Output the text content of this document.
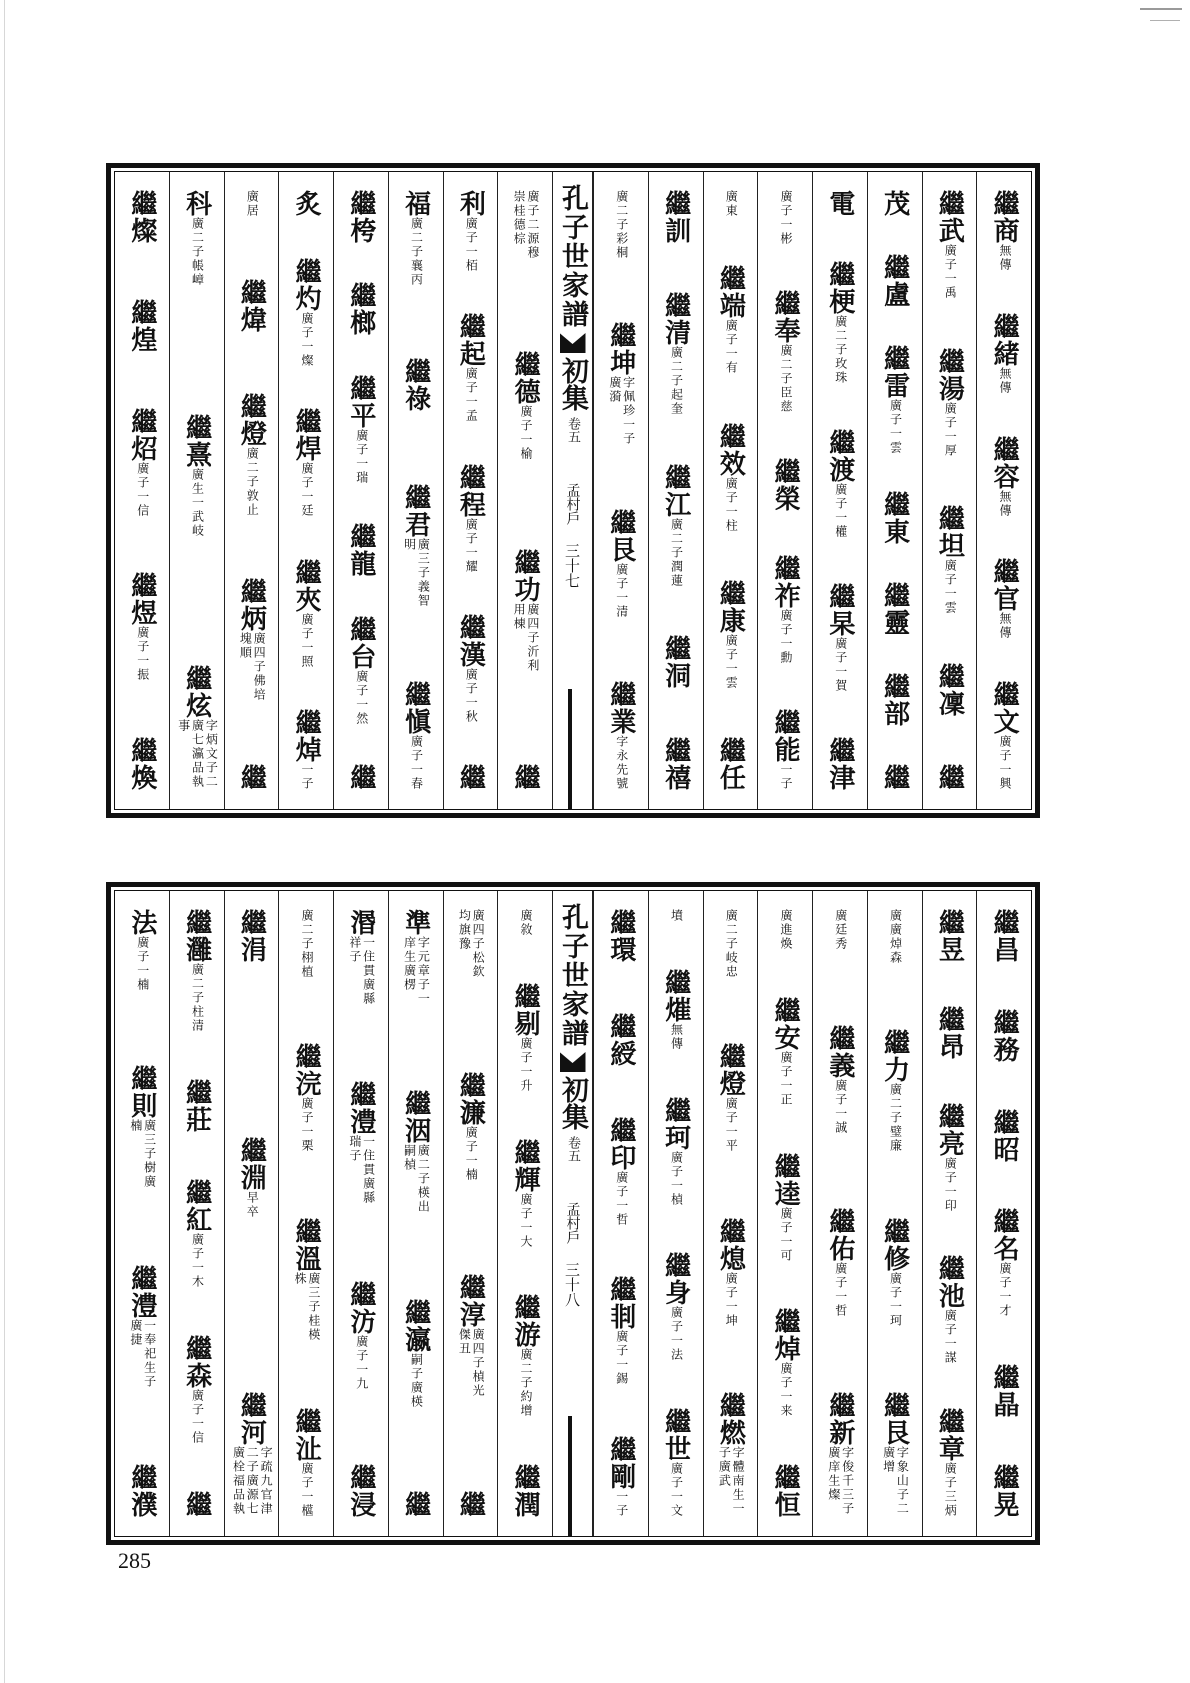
繼商
無傳
繼緒
無傳
繼容
無傳
繼官
無傳
繼文
廣子一興
繼武
廣子一禹
繼湯
廣子一厚
繼坦
廣子一雲
繼凜
繼
茂
繼盧
繼雷
廣子一雲
繼東
繼靈
繼部
繼
電
繼梗
廣二子玫珠
繼渡
廣子一權
繼杲
廣子一賀
繼津
廣子一彬
繼奉
廣二子臣慈
繼榮
繼祚
廣子一勳
繼能
一子
廣東
繼端
廣子一有
繼效
廣子一柱
繼康
廣子一雲
繼任
繼訓
繼清
廣二子起奎
繼江
廣二子潤蓮
繼洞
繼禧
廣二子彩桐
繼坤
字佩珍一子廣漪
繼艮
廣子一清
繼業
字永先號
孔子世家譜
初集
卷五
孟村戶
三十七
廣子二源穆崇桂德棕
繼德
廣子一榆
繼功
廣四子沂利用棟
繼
利
廣子一栢
繼起
廣子一孟
繼程
廣子一耀
繼漢
廣子一秋
繼
福
廣二子襄丙
繼祿
繼君
廣三子義智明
繼愼
廣子一春
繼桍
繼榔
繼平
廣子一瑞
繼龍
繼台
廣子一然
繼
炙
繼灼
廣子一燦
繼焊
廣子一廷
繼夾
廣子一照
繼焯
一子
廣居
繼煒
繼燈
廣二子敦止
繼炳
廣四子佛培塊順
繼
科
廣二子帳嶂
繼熹
廣生一武岐
繼炫
字炳文子二廣七瀛品執事
繼燦
繼煌
繼炤
廣子一信
繼煜
廣子一振
繼煥
繼昌
繼務
繼昭
繼名
廣子一才
繼晶
繼晃
繼昱
繼昂
繼亮
廣子一印
繼池
廣子一謀
繼章
廣子三炳
廣廣焯森
繼力
廣二子璧廉
繼修
廣子一珂
繼艮
字象山子二廣增
廣廷秀
繼義
廣子一誠
繼佑
廣子一哲
繼新
字俊千三子廣庠生燦
廣進煥
繼安
廣子一正
繼逵
廣子一可
繼焯
廣子一来
繼恒
廣二子岐忠
繼燈
廣子一平
繼熄
廣子一坤
繼燃
字體南生一子廣武
墳
繼熣
無傳
繼珂
廣子一楨
繼身
廣子一法
繼世
廣子一文
繼環
繼綬
繼印
廣子一哲
繼剕
廣子一錫
繼剛
一子
孔子世家譜
初集
卷五
孟村戶
三十八
廣敘
繼剔
廣子一升
繼輝
廣子一大
繼游
廣二子約增
繼潤
廣四子松欽均旗豫
繼濂
廣子一楠
繼淳
廣四子楨光傑丑
繼
準
字元章子一庠生廣楞
繼洇
廣二子楧出嗣楨
繼瀛
嗣子廣楧
繼
湣
一住貫廣縣祥子
繼澧
一住貫廣縣瑞子
繼汸
廣子一九
繼浸
廣二子栩植
繼浣
廣子一栗
繼溫
廣三子桂楧株
繼沚
廣子一櫙
繼涓
繼淵
早卒
繼河
字疏九官津二子廣源七廣栓福品執
繼灉
廣二子柱清
繼莊
繼紅
廣子一木
繼森
廣子一信
繼
法
廣子一楠
繼則
廣三子樹廣楠
繼澧
一奉祀生子廣捷
繼濮
285
